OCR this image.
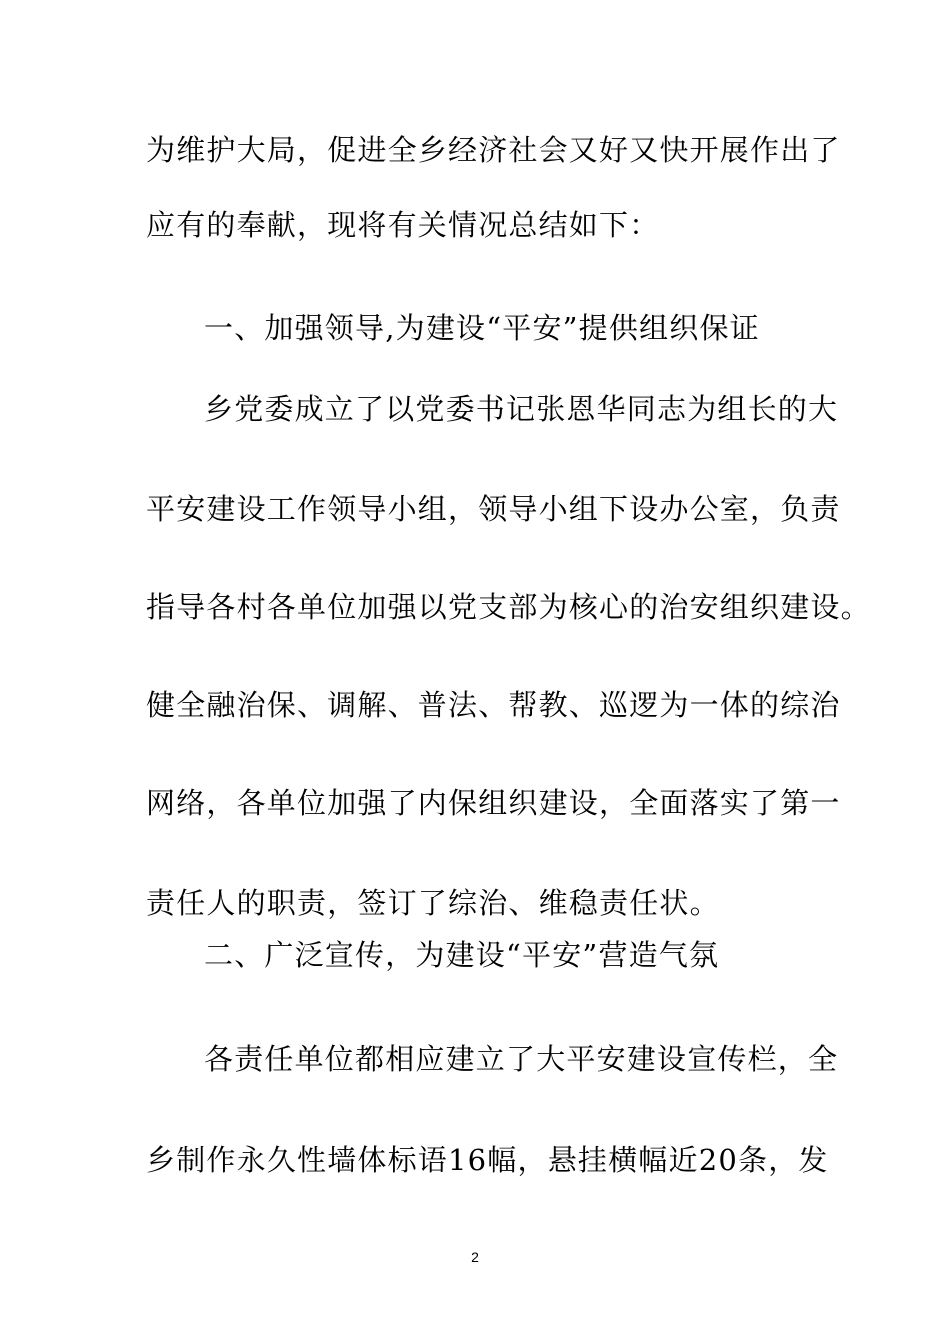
为维护大局，促进全乡经济社会又好又快开展作出了
应有的奉献，现将有关情况总结如下：
一、加强领导,为建设“平安”提供组织保证
乡党委成立了以党委书记张恩华同志为组长的大
平安建设工作领导小组，领导小组下设办公室，负责
指导各村各单位加强以党支部为核心的治安组织建设。
健全融治保、调解、普法、帮教、巡逻为一体的综治
网络，各单位加强了内保组织建设，全面落实了第一
责任人的职责，签订了综治、维稳责任状。
二、广泛宣传，为建设“平安”营造气氛
各责任单位都相应建立了大平安建设宣传栏，全
乡制作永久性墙体标语16幅，悬挂横幅近20条，发
2
